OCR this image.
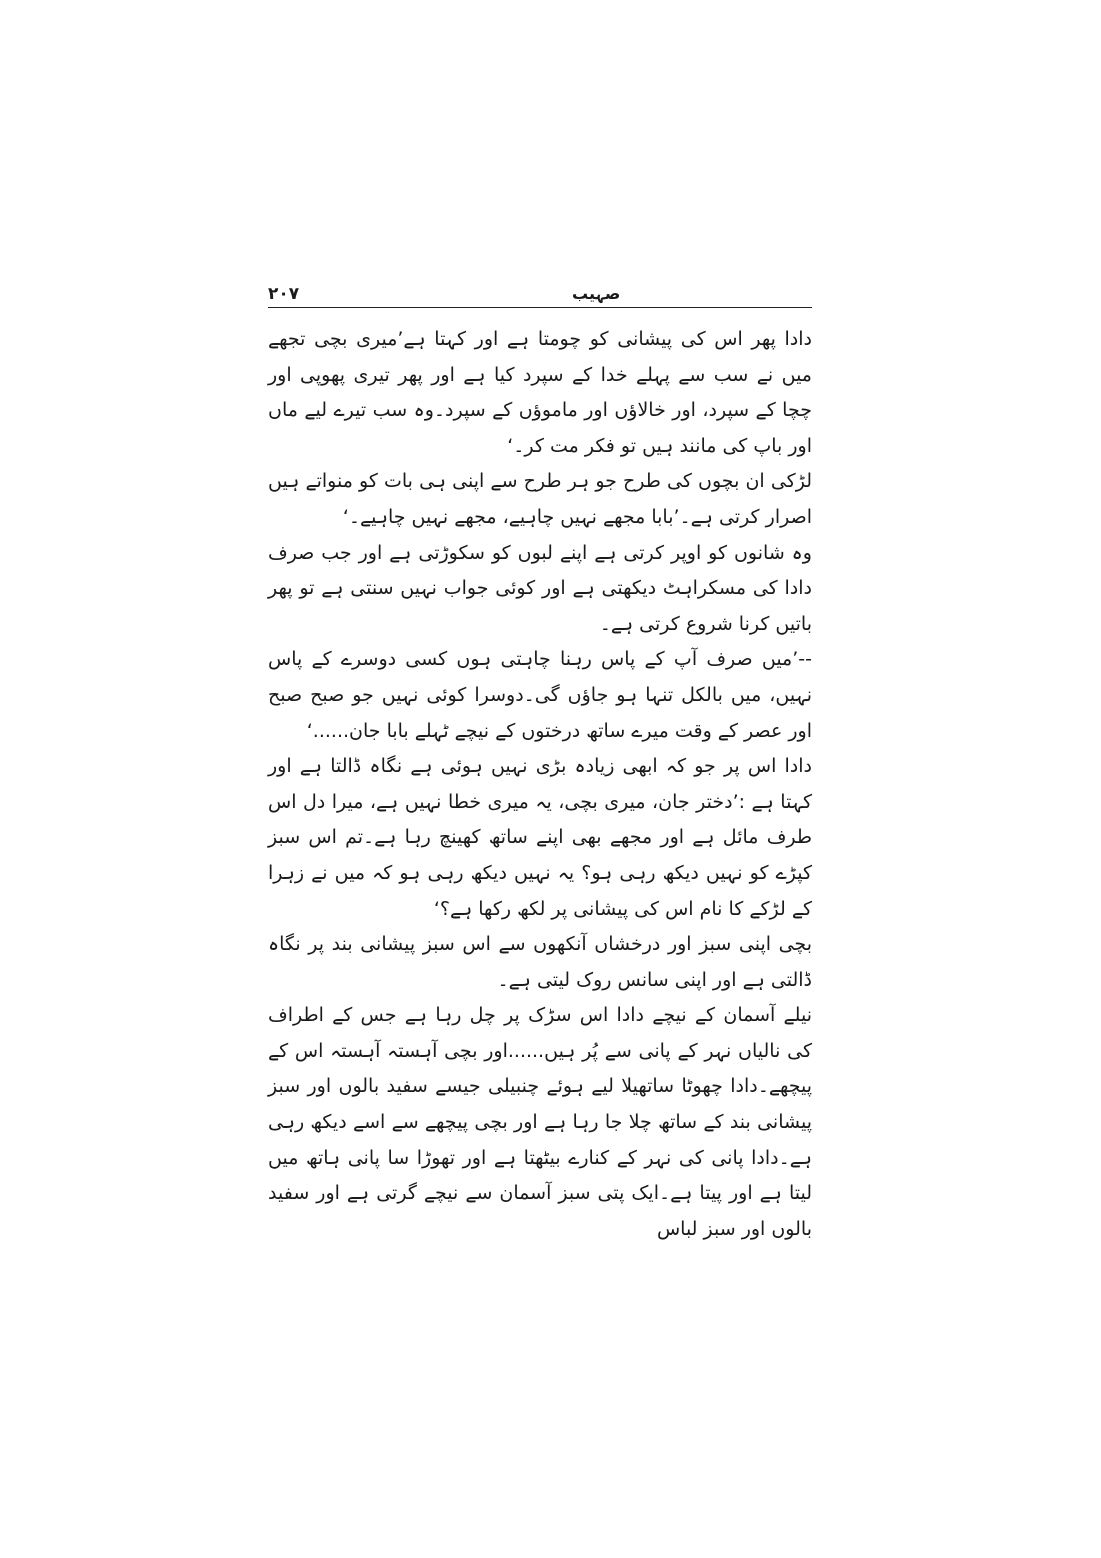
صہیب
۲۰۷

دادا پھر اس کی پیشانی کو چومتا ہے اور کہتا ہے’میری بچی تجھے میں نے سب سے پہلے خدا کے سپرد کیا ہے اور پھر تیری پھوپی اور چچا کے سپرد، اور خالاؤں اور ماموؤں کے سپرد۔وہ سب تیرے لیے ماں اور باپ کی مانند ہیں تو فکر مت کر۔‘

لڑکی ان بچوں کی طرح جو ہر طرح سے اپنی ہی بات کو منواتے ہیں اصرار کرتی ہے۔’بابا مجھے نہیں چاہیے، مجھے نہیں چاہیے۔‘

وہ شانوں کو اوپر کرتی ہے اپنے لبوں کو سکوڑتی ہے اور جب صرف دادا کی مسکراہٹ دیکھتی ہے اور کوئی جواب نہیں سنتی ہے تو پھر باتیں کرنا شروع کرتی ہے۔

--’میں صرف آپ کے پاس رہنا چاہتی ہوں کسی دوسرے کے پاس نہیں، میں بالکل تنہا ہو جاؤں گی۔دوسرا کوئی نہیں جو صبح صبح اور عصر کے وقت میرے ساتھ درختوں کے نیچے ٹہلے بابا جان......‘

دادا اس پر جو کہ ابھی زیادہ بڑی نہیں ہوئی ہے نگاہ ڈالتا ہے اور کہتا ہے :’دختر جان، میری بچی، یہ میری خطا نہیں ہے، میرا دل اس طرف مائل ہے اور مجھے بھی اپنے ساتھ کھینچ رہا ہے۔تم اس سبز کپڑے کو نہیں دیکھ رہی ہو؟ یہ نہیں دیکھ رہی ہو کہ میں نے زہرا کے لڑکے کا نام اس کی پیشانی پر لکھ رکھا ہے؟‘

بچی اپنی سبز اور درخشاں آنکھوں سے اس سبز پیشانی بند پر نگاہ ڈالتی ہے اور اپنی سانس روک لیتی ہے۔

نیلے آسمان کے نیچے دادا اس سڑک پر چل رہا ہے جس کے اطراف کی نالیاں نہر کے پانی سے پُر ہیں......اور بچی آہستہ آہستہ اس کے پیچھے۔دادا چھوٹا ساتھیلا لیے ہوئے چنبیلی جیسے سفید بالوں اور سبز پیشانی بند کے ساتھ چلا جا رہا ہے اور بچی پیچھے سے اسے دیکھ رہی ہے۔دادا پانی کی نہر کے کنارے بیٹھتا ہے اور تھوڑا سا پانی ہاتھ میں لیتا ہے اور پیتا ہے۔ایک پتی سبز آسمان سے نیچے گرتی ہے اور سفید بالوں اور سبز لباس
